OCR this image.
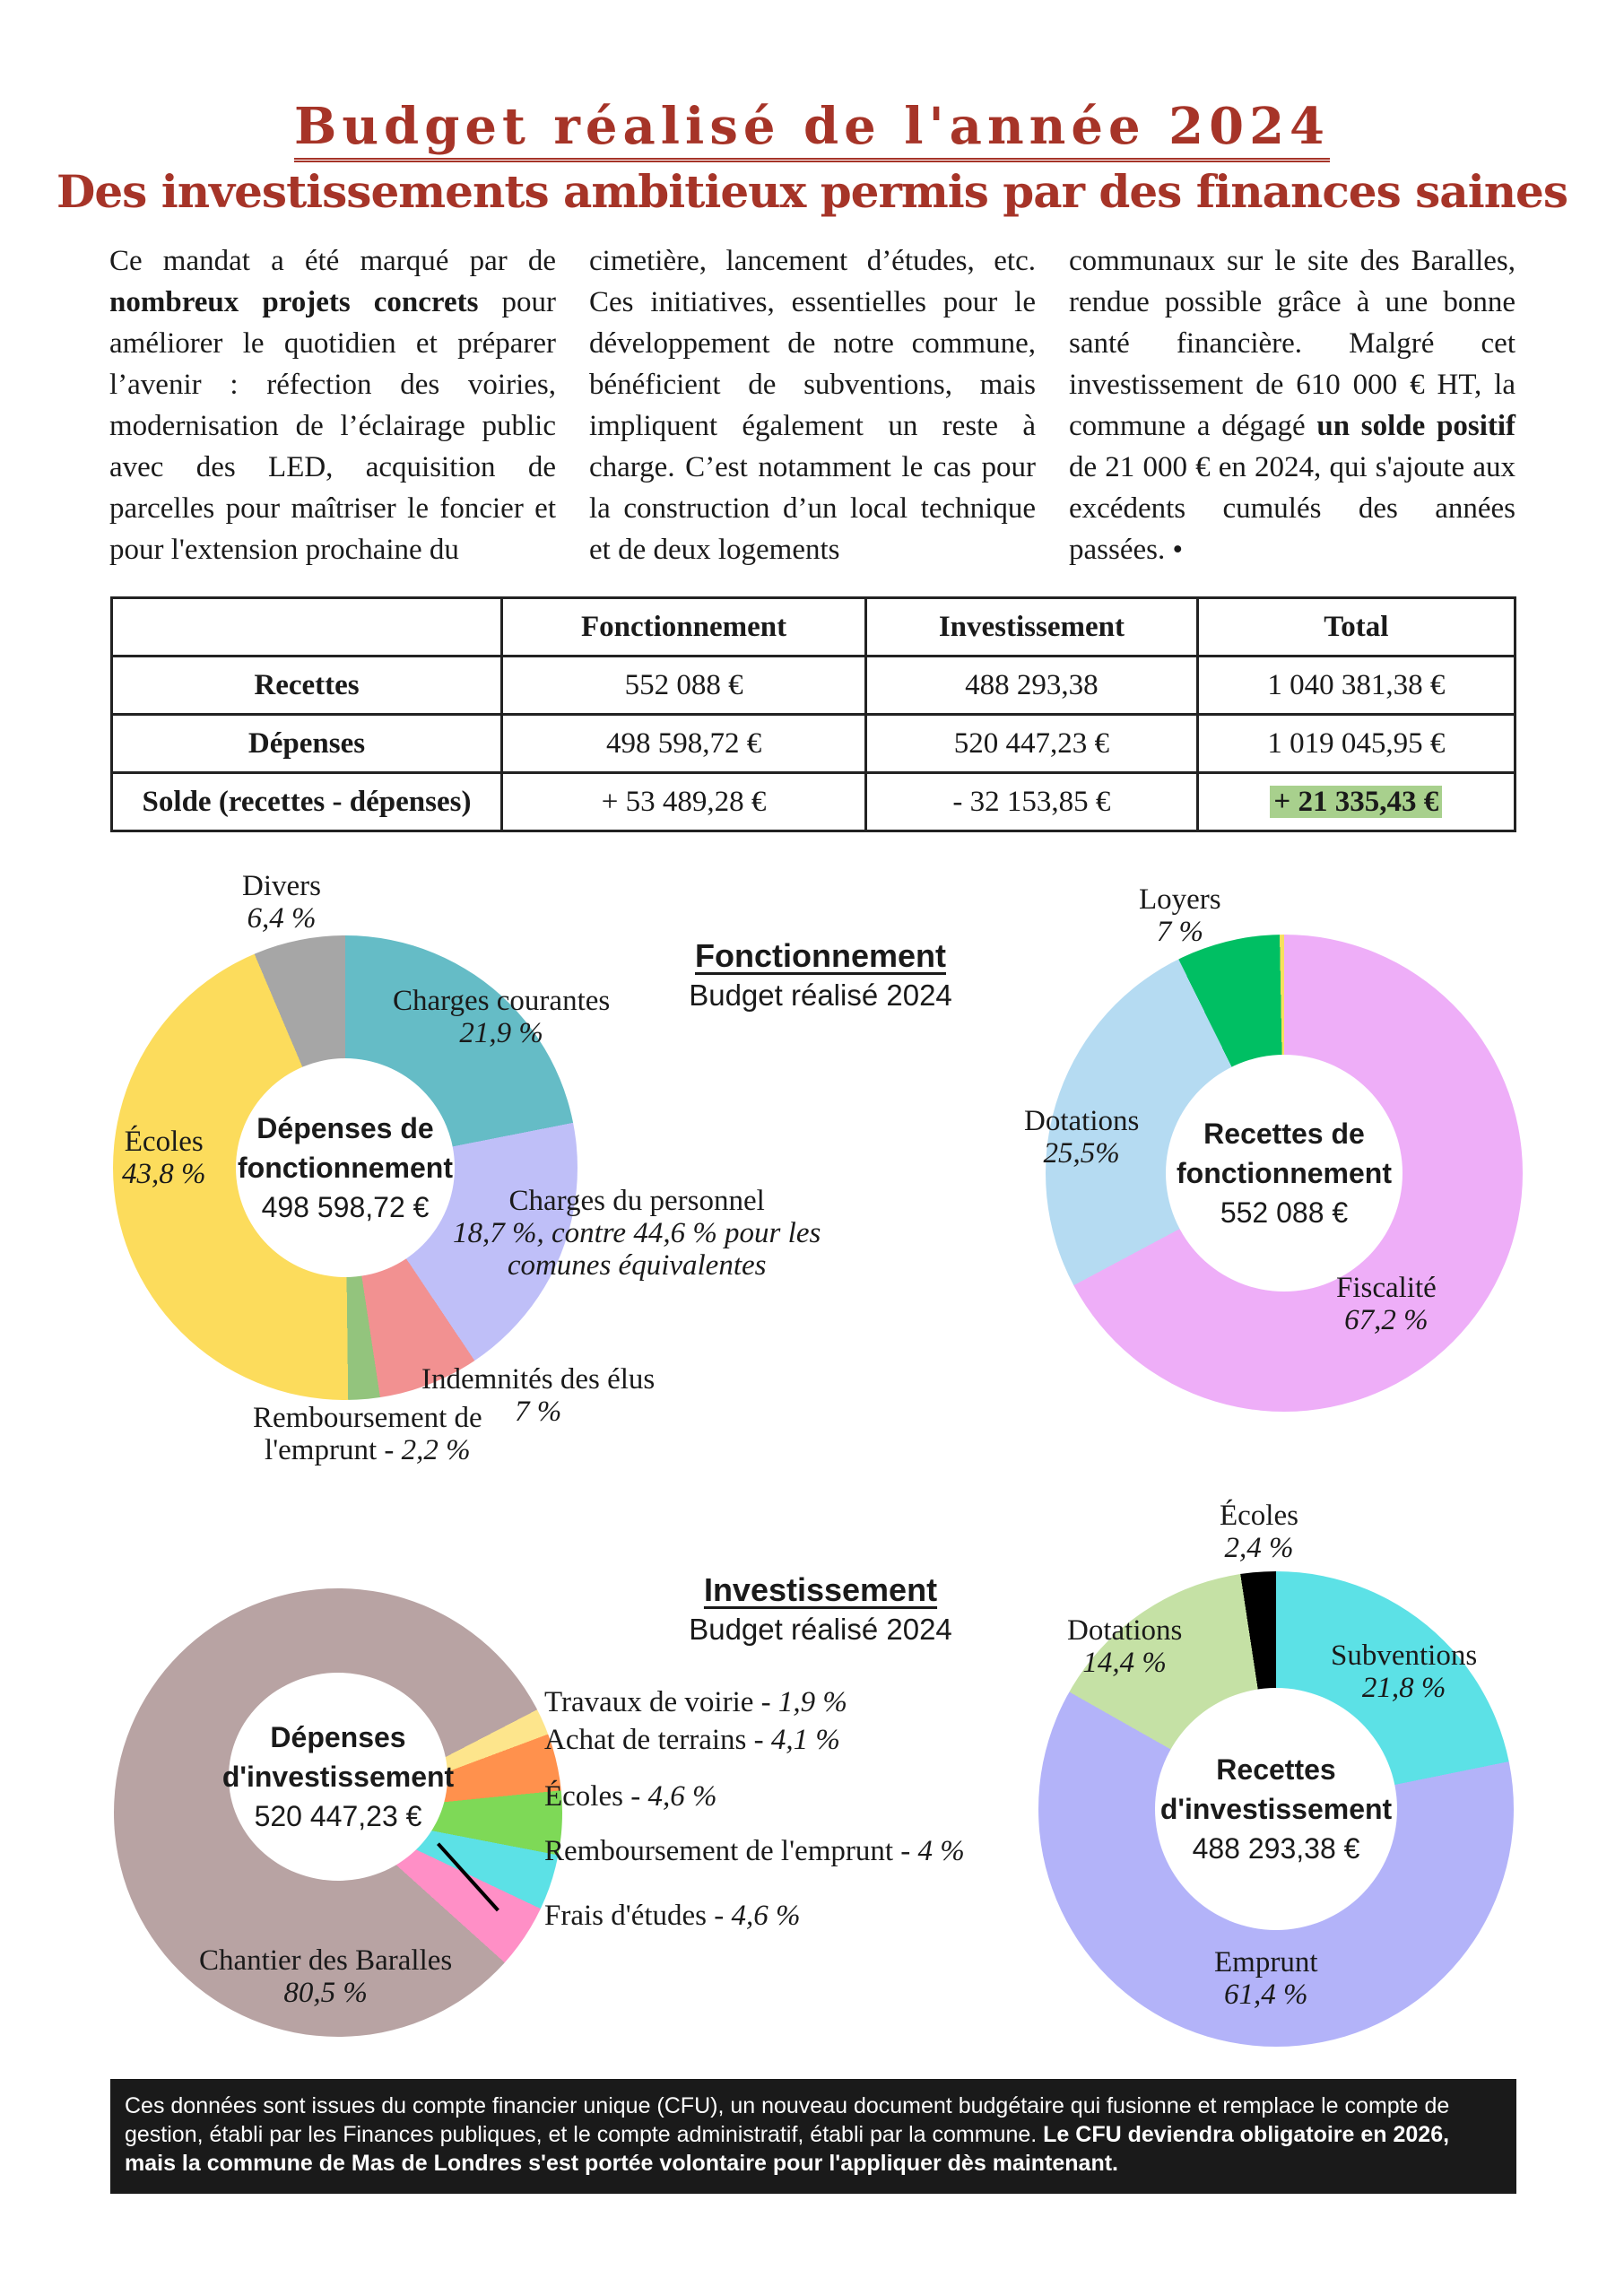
Budget réalisé de l'année 2024
Des investissements ambitieux permis par des finances saines
Ce mandat a été marqué par de nombreux projets concrets pour améliorer le quotidien et préparer l’avenir : réfection des voiries, modernisation de l’éclairage public avec des LED, acquisition de parcelles pour maîtriser le foncier et pour l'extension prochaine du
cimetière, lancement d’études, etc. Ces initiatives, essentielles pour le développement de notre commune, bénéficient de subventions, mais impliquent également un reste à charge. C’est notamment le cas pour la construction d’un local technique et de deux logements
communaux sur le site des Baralles, rendue possible grâce à une bonne santé financière. Malgré cet investissement de 610 000 € HT, la commune a dégagé un solde positif de 21 000 € en 2024, qui s'ajoute aux excédents cumulés des années passées. •
	Fonctionnement	Investissement	Total
Recettes	552 088 €	488 293,38	1 040 381,38 €
Dépenses	498 598,72 €	520 447,23 €	1 019 045,95 €
Solde (recettes - dépenses)	+ 53 489,28 €	- 32 153,85 €	+ 21 335,43 €
Dépenses de
fonctionnement
498 598,72 €
Divers
6,4 %
Charges courantes
21,9 %
Écoles
43,8 %
Charges du personnel
18,7 %, contre 44,6 % pour les
comunes équivalentes
Indemnités des élus
7 %
Remboursement de
l'emprunt - 2,2 %
Fonctionnement
Budget réalisé 2024
Recettes de
fonctionnement
552 088 €
Loyers
7 %
Dotations
25,5%
Fiscalité
67,2 %
Investissement
Budget réalisé 2024
Dépenses
d'investissement
520 447,23 €
Travaux de voirie - 1,9 %
Achat de terrains - 4,1 %
Écoles - 4,6 %
Remboursement de l'emprunt - 4 %
Frais d'études - 4,6 %
Chantier des Baralles
80,5 %
Recettes
d'investissement
488 293,38 €
Écoles
2,4 %
Dotations
14,4 %	Subventions
21,8 %
Emprunt
61,4 %
Ces données sont issues du compte financier unique (CFU), un nouveau document budgétaire qui fusionne et remplace le compte de gestion, établi par les Finances publiques, et le compte administratif, établi par la commune. Le CFU deviendra obligatoire en 2026, mais la commune de Mas de Londres s'est portée volontaire pour l'appliquer dès maintenant.
